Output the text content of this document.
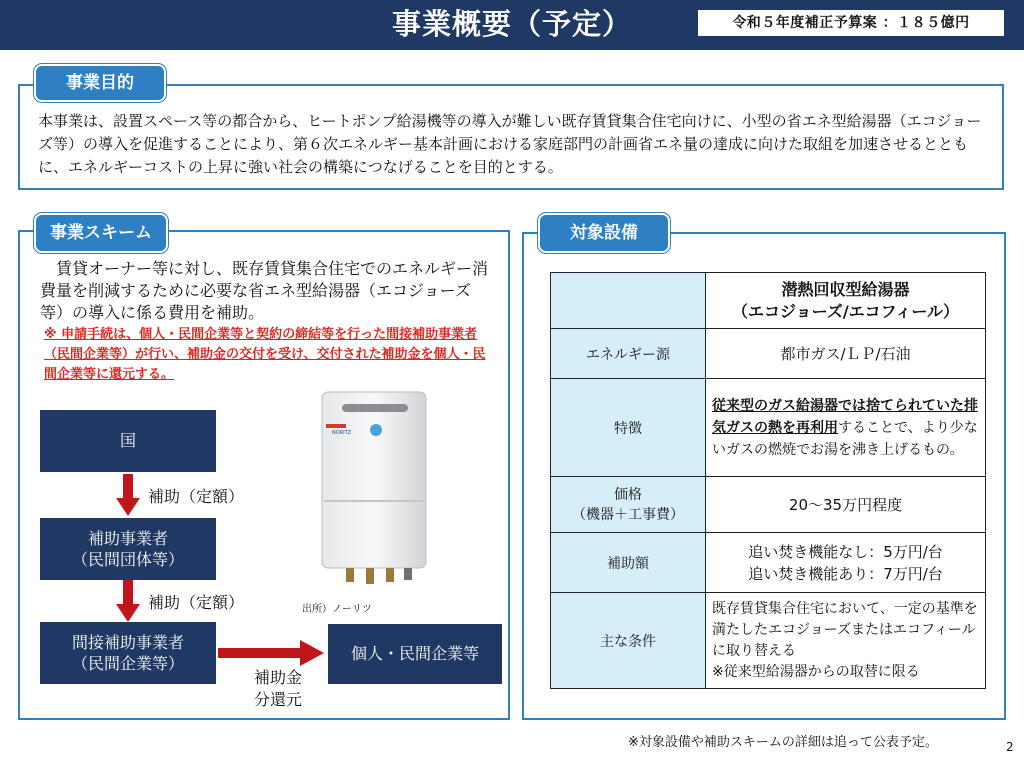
事業概要（予定）	令和５年度補正予算案 ：１８５億円
事業目的
本事業は、設置スペース等の都合から、ヒートポンプ給湯機等の導入が難しい既存賃貸集合住宅向けに、小型の省エネ型給湯器（エコジョーズ等）の導入を促進することにより、第６次エネルギー基本計画における家庭部門の計画省エネ量の達成に向けた取組を加速させるとともに、エネルギーコストの上昇に強い社会の構築につなげることを目的とする。
事業スキーム
　賃貸オーナー等に対し、既存賃貸集合住宅でのエネルギー消費量を削減するために必要な省エネ型給湯器（エコジョーズ等）の導入に係る費用を補助。
※ 申請手続は、個人・民間企業等と契約の締結等を行った間接補助事業者（民間企業等）が行い、補助金の交付を受け、交付された補助金を個人・民間企業等に還元する。
国
補助（定額）
補助事業者
（民間団体等）
補助（定額）
間接補助事業者
（民間企業等）
個人・民間企業等
補助金
分還元
NORITZ
出所）ノーリツ
対象設備

	潜熱回収型給湯器
（エコジョーズ/エコフィール）

エネルギー源	都市ガス/ＬＰ/石油
特徴	従来型のガス給湯器では捨てられていた排気ガスの熱を再利用することで、より少ないガスの燃焼でお湯を沸き上げるもの。

価格
（機器＋工事費）	20～35万円程度
補助額	追い焚き機能なし：5万円/台
追い焚き機能あり：7万円/台

主な条件	既存賃貸集合住宅において、一定の基準を満たしたエコジョーズまたはエコフィールに取り替える
※従来型給湯器からの取替に限る
※対象設備や補助スキームの詳細は追って公表予定。	2
